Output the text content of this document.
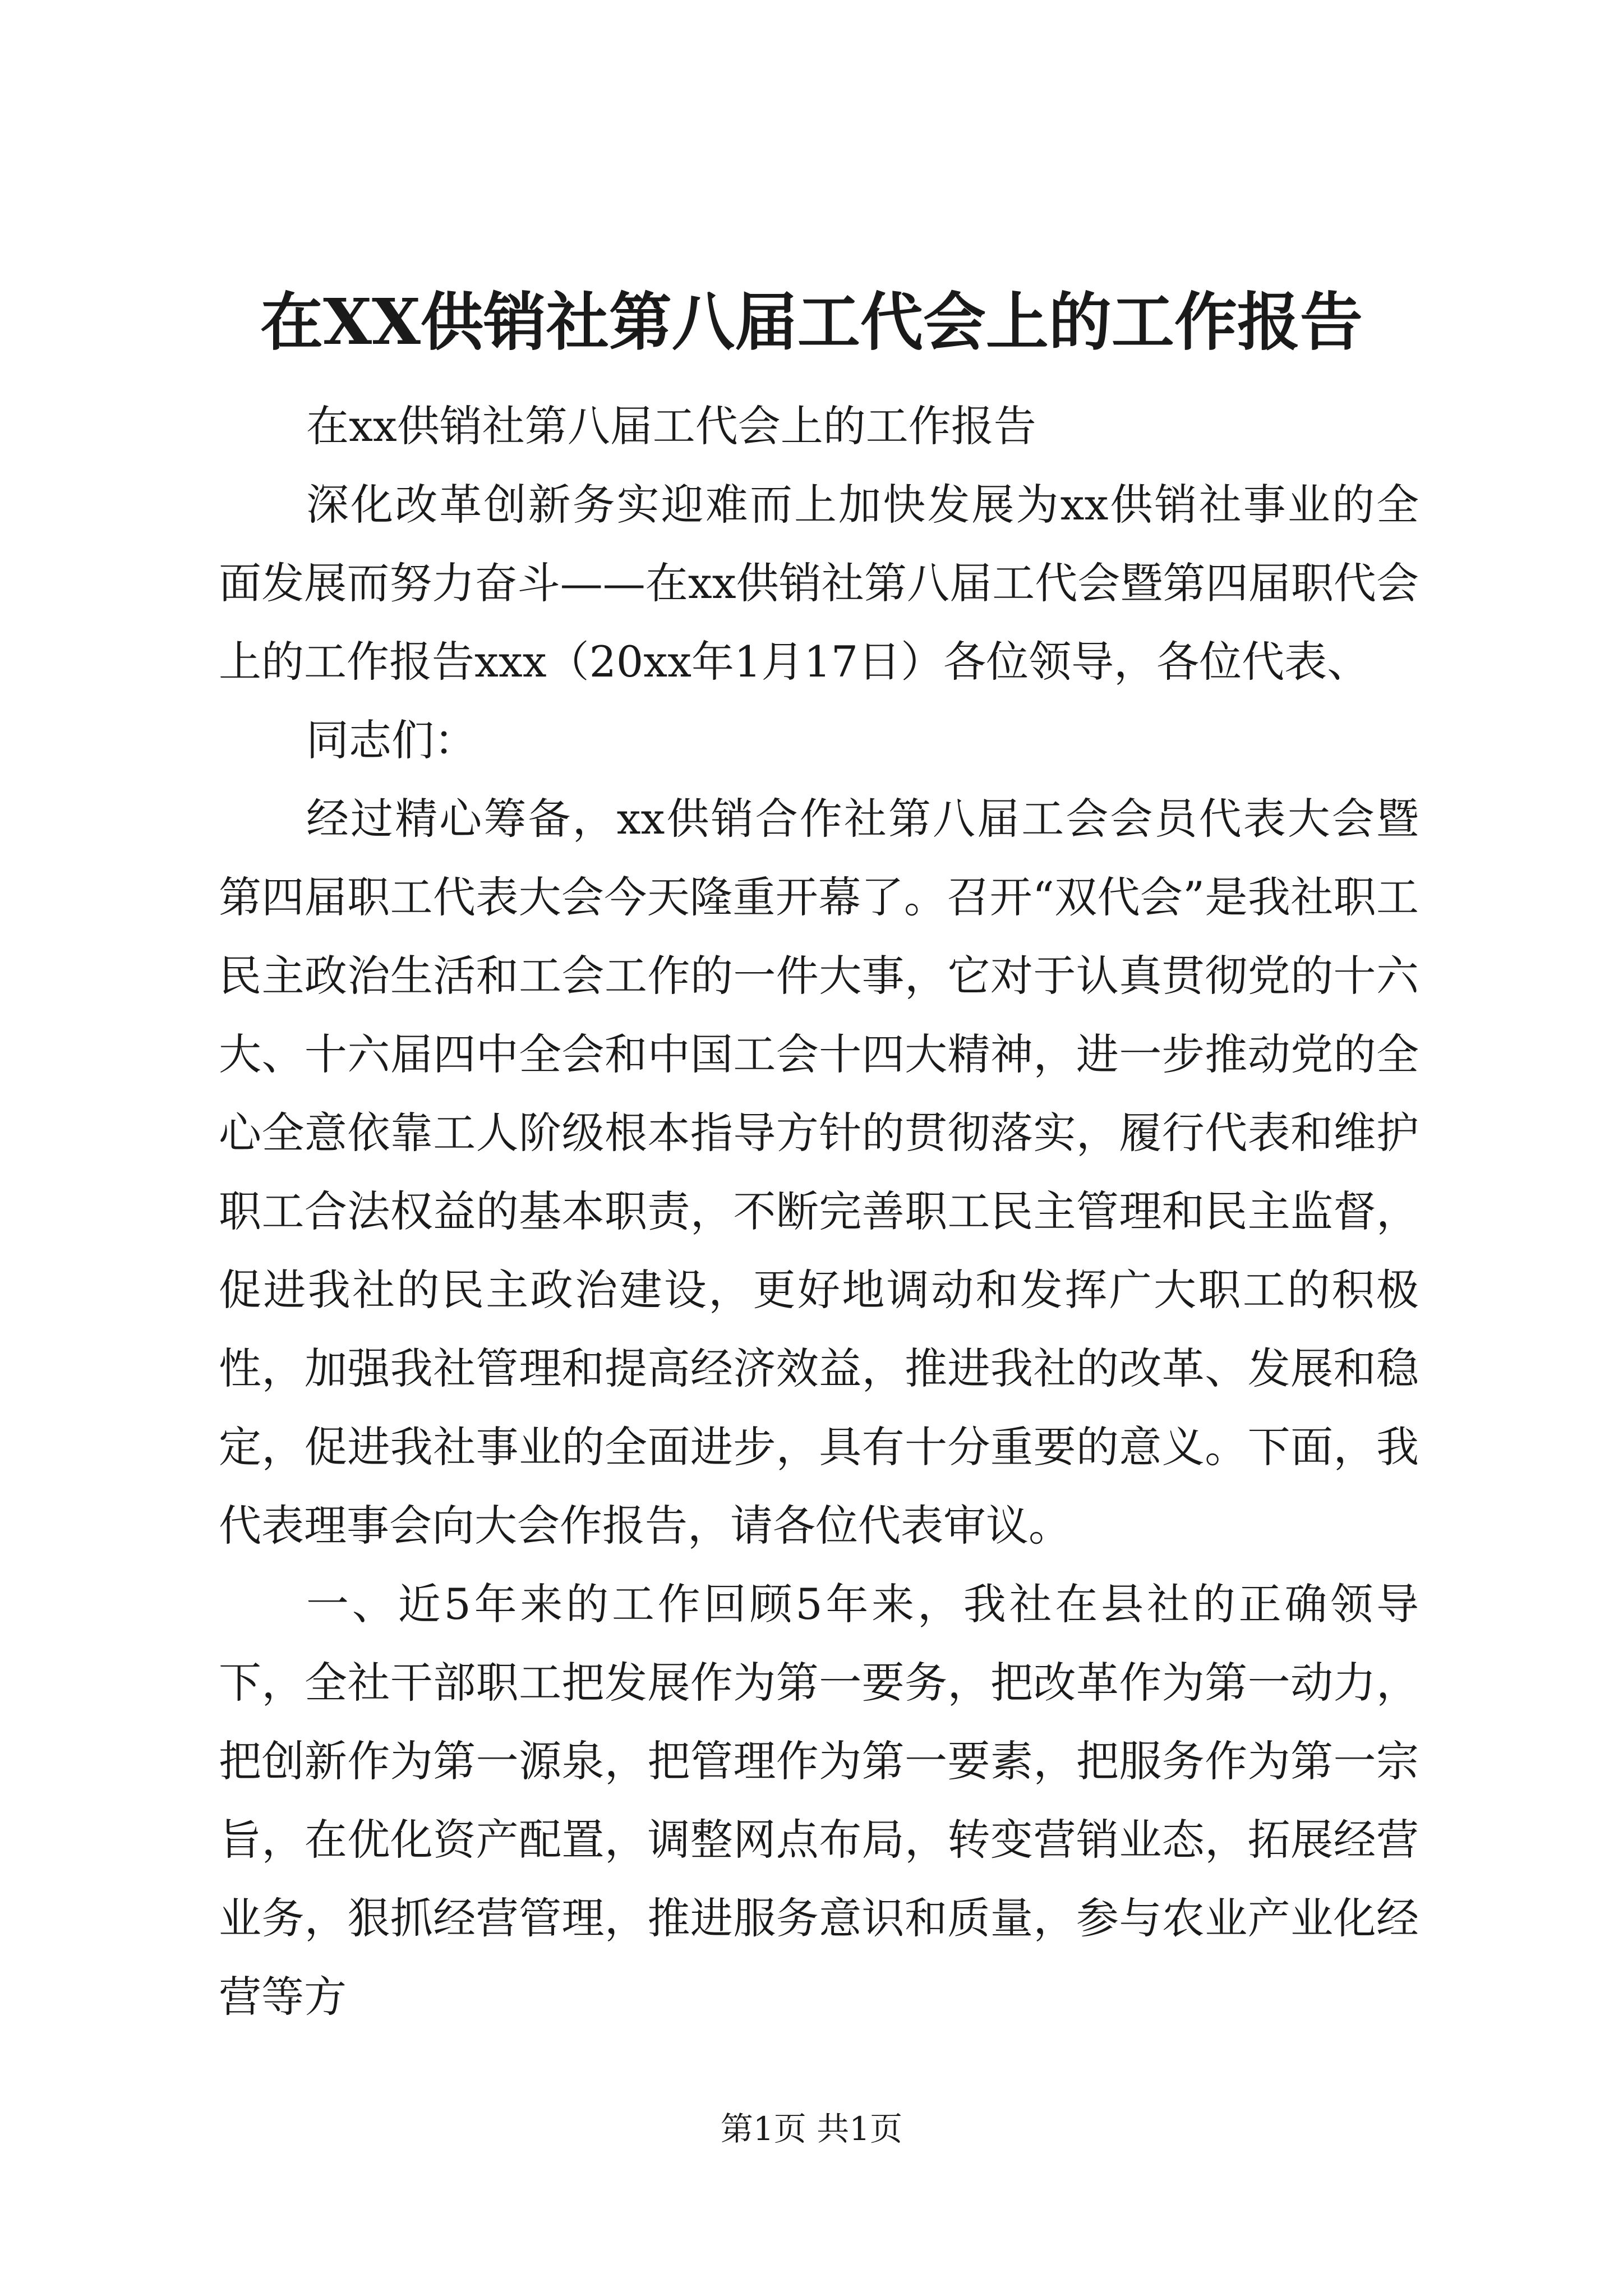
在XX供销社第八届工代会上的工作报告

在xx供销社第八届工代会上的工作报告

深化改革创新务实迎难而上加快发展为xx供销社事业的全面发展而努力奋斗——在xx供销社第八届工代会暨第四届职代会上的工作报告xxx（20xx年1月17日）各位领导，各位代表、

同志们：

经过精心筹备，xx供销合作社第八届工会会员代表大会暨第四届职工代表大会今天隆重开幕了。召开“双代会”是我社职工民主政治生活和工会工作的一件大事，它对于认真贯彻党的十六大、十六届四中全会和中国工会十四大精神，进一步推动党的全心全意依靠工人阶级根本指导方针的贯彻落实，履行代表和维护职工合法权益的基本职责，不断完善职工民主管理和民主监督，促进我社的民主政治建设，更好地调动和发挥广大职工的积极性，加强我社管理和提高经济效益，推进我社的改革、发展和稳定，促进我社事业的全面进步，具有十分重要的意义。下面，我代表理事会向大会作报告，请各位代表审议。

一、近5年来的工作回顾5年来，我社在县社的正确领导下，全社干部职工把发展作为第一要务，把改革作为第一动力，把创新作为第一源泉，把管理作为第一要素，把服务作为第一宗旨，在优化资产配置，调整网点布局，转变营销业态，拓展经营业务，狠抓经营管理，推进服务意识和质量，参与农业产业化经营等方

第1页 共1页
